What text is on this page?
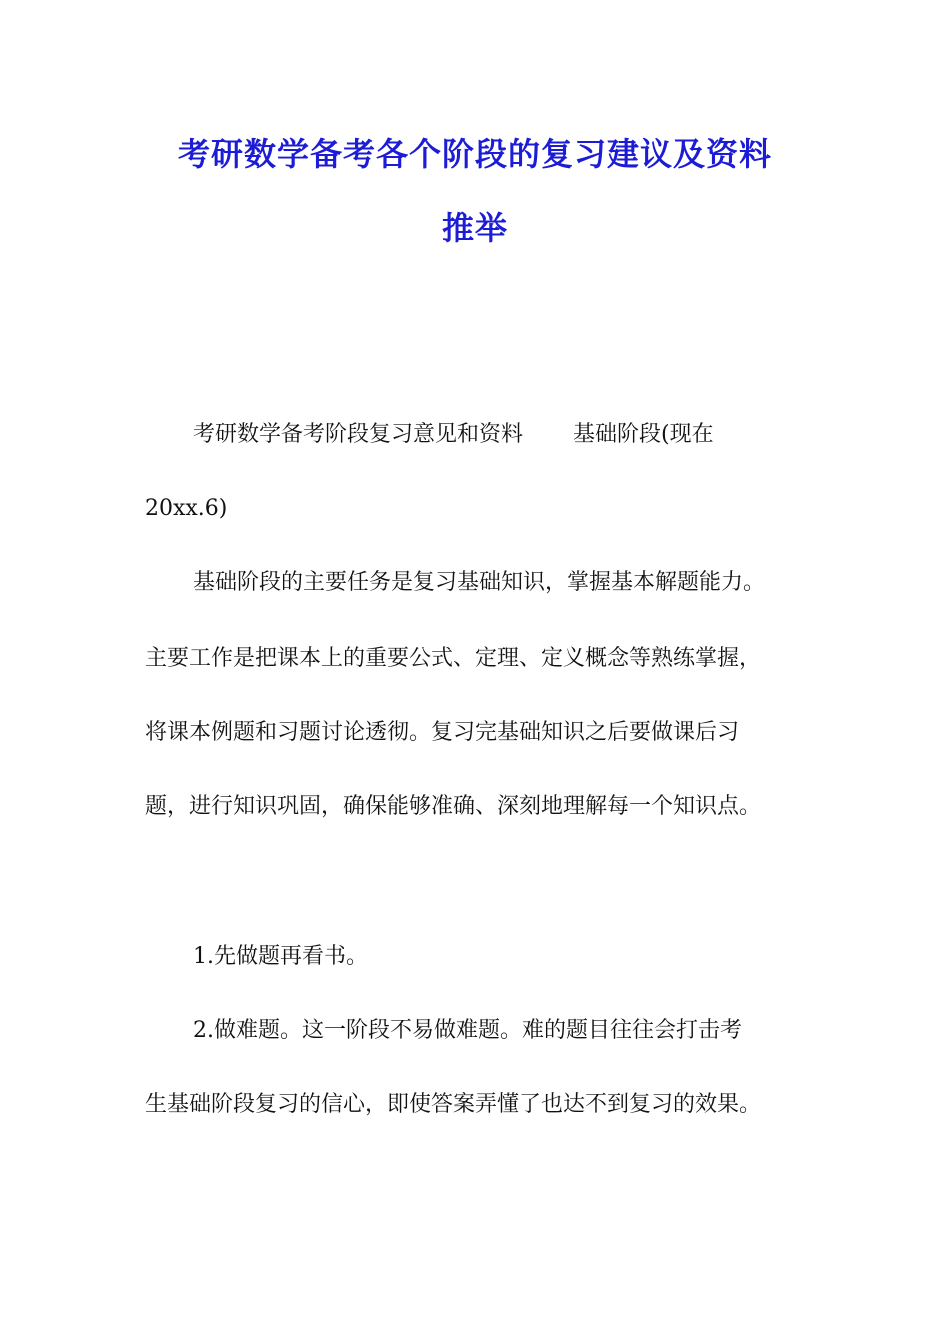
考研数学备考各个阶段的复习建议及资料
推举
考研数学备考阶段复习意见和资料 基础阶段(现在
20xx.6)
基础阶段的主要任务是复习基础知识，掌握基本解题能力。
主要工作是把课本上的重要公式、定理、定义概念等熟练掌握，
将课本例题和习题讨论透彻。复习完基础知识之后要做课后习
题，进行知识巩固，确保能够准确、深刻地理解每一个知识点。
1.先做题再看书。
2.做难题。这一阶段不易做难题。难的题目往往会打击考
生基础阶段复习的信心，即使答案弄懂了也达不到复习的效果。
